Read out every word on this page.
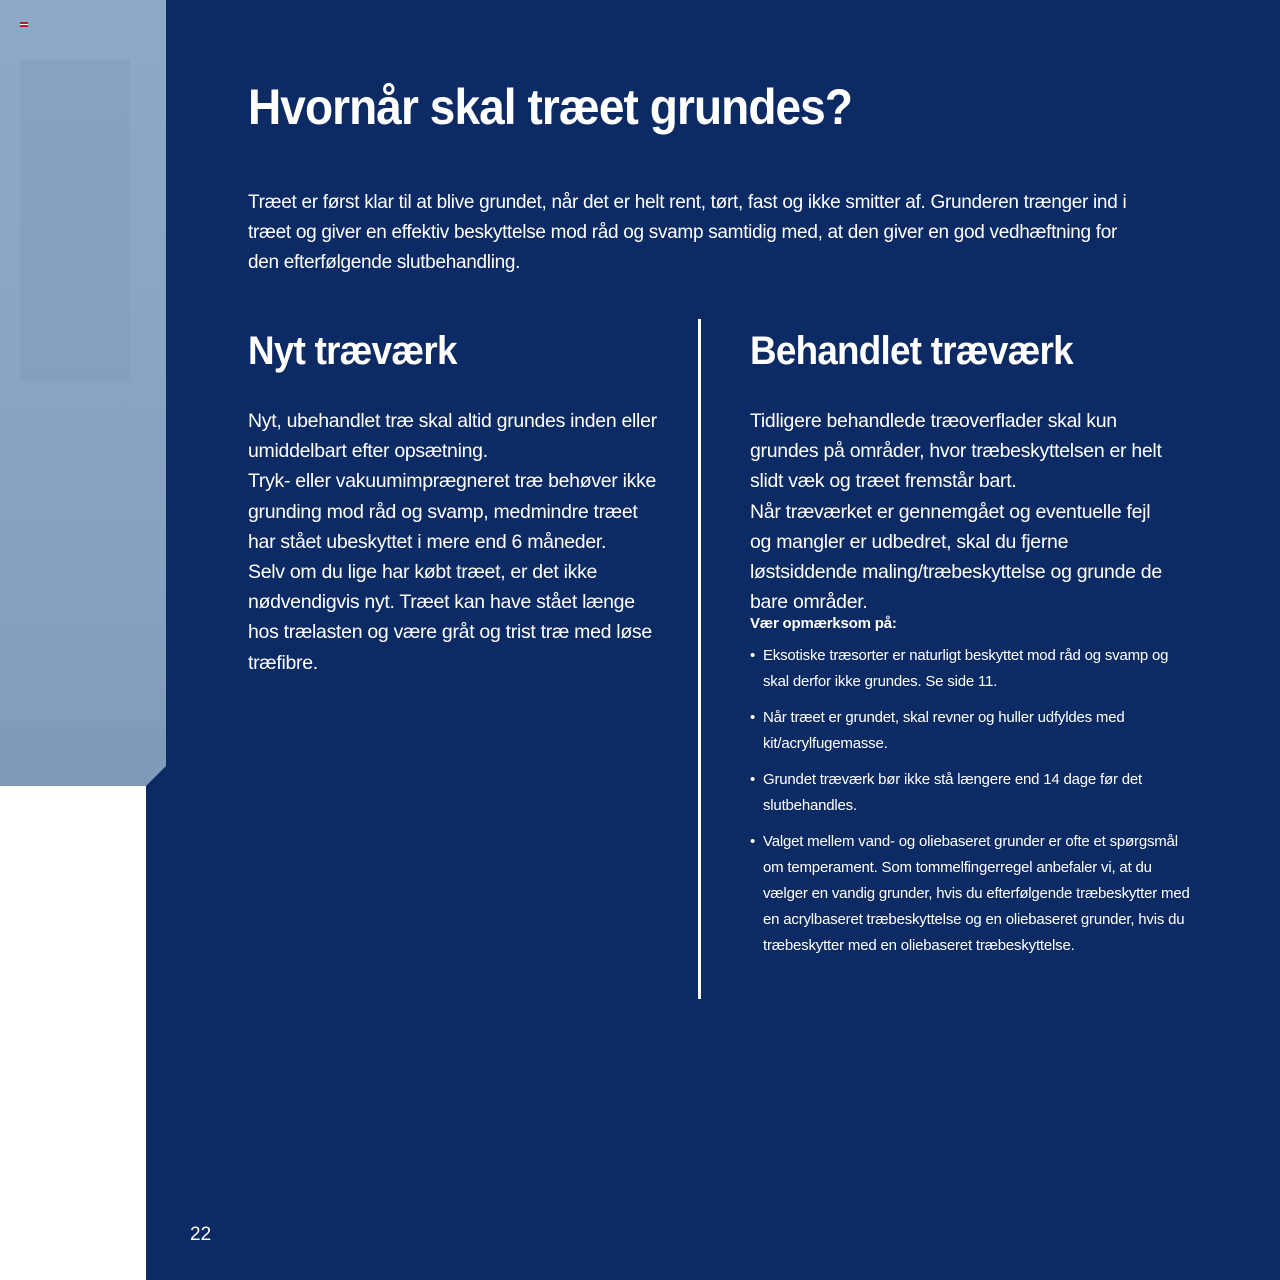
Hvornår skal træet grundes?

Træet er først klar til at blive grundet, når det er helt rent, tørt, fast og ikke smitter af. Grunderen trænger ind i træet og giver en effektiv beskyttelse mod råd og svamp samtidig med, at den giver en god vedhæftning for den efterfølgende slutbehandling.

Nyt træværk
Nyt, ubehandlet træ skal altid grundes inden eller umiddelbart efter opsætning.
Tryk- eller vakuumimprægneret træ behøver ikke grunding mod råd og svamp, medmindre træet har stået ubeskyttet i mere end 6 måneder.
Selv om du lige har købt træet, er det ikke nødvendigvis nyt. Træet kan have stået længe hos trælasten og være gråt og trist træ med løse træfibre.
Behandlet træværk
Tidligere behandlede træoverflader skal kun grundes på områder, hvor træbeskyttelsen er helt slidt væk og træet fremstår bart.
Når træværket er gennemgået og eventuelle fejl og mangler er udbedret, skal du fjerne løstsiddende maling/træbeskyttelse og grunde de bare områder.

Vær opmærksom på:

• Eksotiske træsorter er naturligt beskyttet mod råd og svamp og skal derfor ikke grundes. Se side 11.
• Når træet er grundet, skal revner og huller udfyldes med kit/acrylfugemasse.
• Grundet træværk bør ikke stå længere end 14 dage før det slutbehandles.
• Valget mellem vand- og oliebaseret grunder er ofte et spørgsmål om temperament. Som tommelfingerregel anbefaler vi, at du vælger en vandig grunder, hvis du efterfølgende træbeskytter med en acrylbaseret træbeskyttelse og en oliebaseret grunder, hvis du træbeskytter med en oliebaseret træbeskyttelse.
22
